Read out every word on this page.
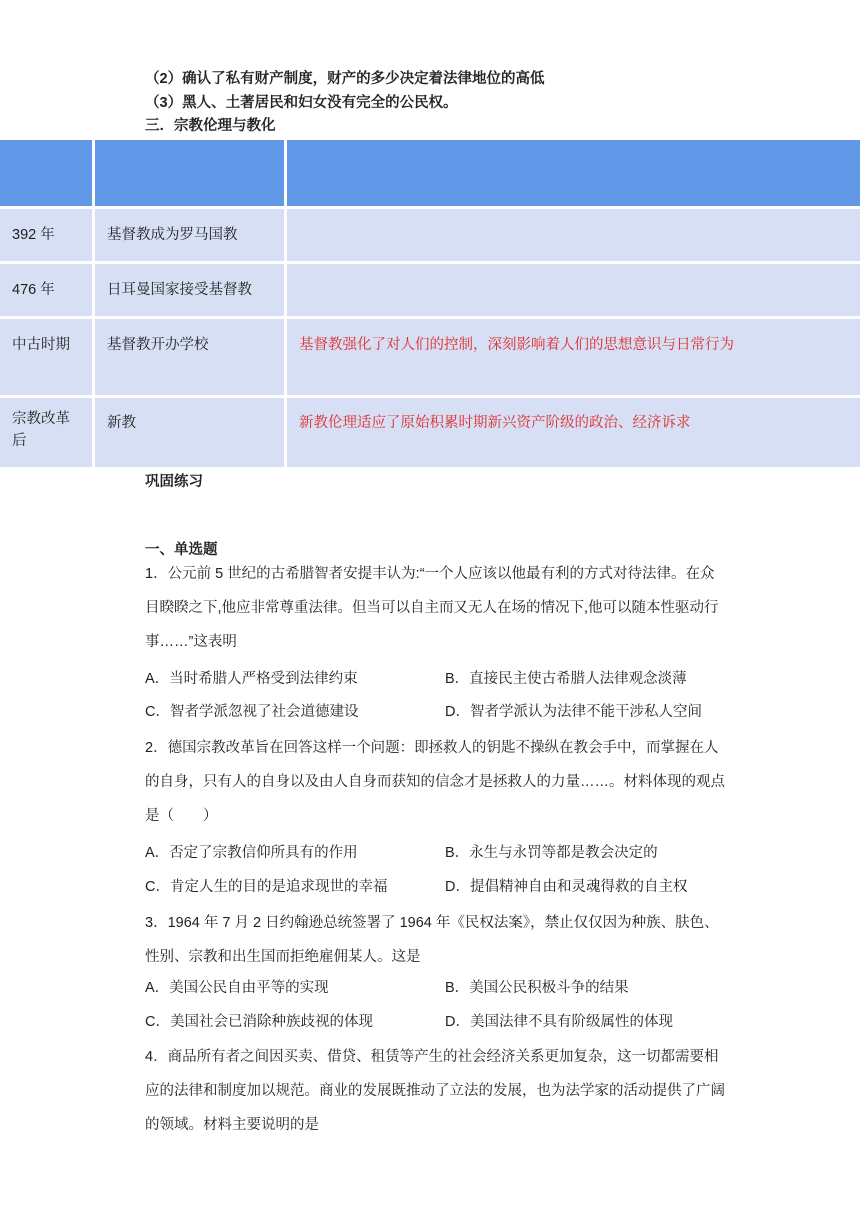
（2）确认了私有财产制度，财产的多少决定着法律地位的高低
（3）黑人、土著居民和妇女没有完全的公民权。
三．宗教伦理与教化

392 年	基督教成为罗马国教	
476 年	日耳曼国家接受基督教	
中古时期	基督教开办学校	基督教强化了对人们的控制，深刻影响着人们的思想意识与日常行为
宗教改革后	新教	新教伦理适应了原始积累时期新兴资产阶级的政治、经济诉求
巩固练习
一、单选题
1．公元前 5 世纪的古希腊智者安提丰认为:“一个人应该以他最有利的方式对待法律。在众目睽睽之下,他应非常尊重法律。但当可以自主而又无人在场的情况下,他可以随本性驱动行事……”这表明
A．当时希腊人严格受到法律约束	B．直接民主使古希腊人法律观念淡薄
C．智者学派忽视了社会道德建设	D．智者学派认为法律不能干涉私人空间
2．德国宗教改革旨在回答这样一个问题：即拯救人的钥匙不操纵在教会手中，而掌握在人的自身，只有人的自身以及由人自身而获知的信念才是拯救人的力量……。材料体现的观点是（　　）
A．否定了宗教信仰所具有的作用	B．永生与永罚等都是教会决定的
C．肯定人生的目的是追求现世的幸福	D．提倡精神自由和灵魂得救的自主权
3．1964 年 7 月 2 日约翰逊总统签署了 1964 年《民权法案》，禁止仅仅因为种族、肤色、性别、宗教和出生国而拒绝雇佣某人。这是
A．美国公民自由平等的实现	B．美国公民积极斗争的结果
C．美国社会已消除种族歧视的体现	D．美国法律不具有阶级属性的体现
4．商品所有者之间因买卖、借贷、租赁等产生的社会经济关系更加复杂，这一切都需要相应的法律和制度加以规范。商业的发展既推动了立法的发展，也为法学家的活动提供了广阔的领域。材料主要说明的是
